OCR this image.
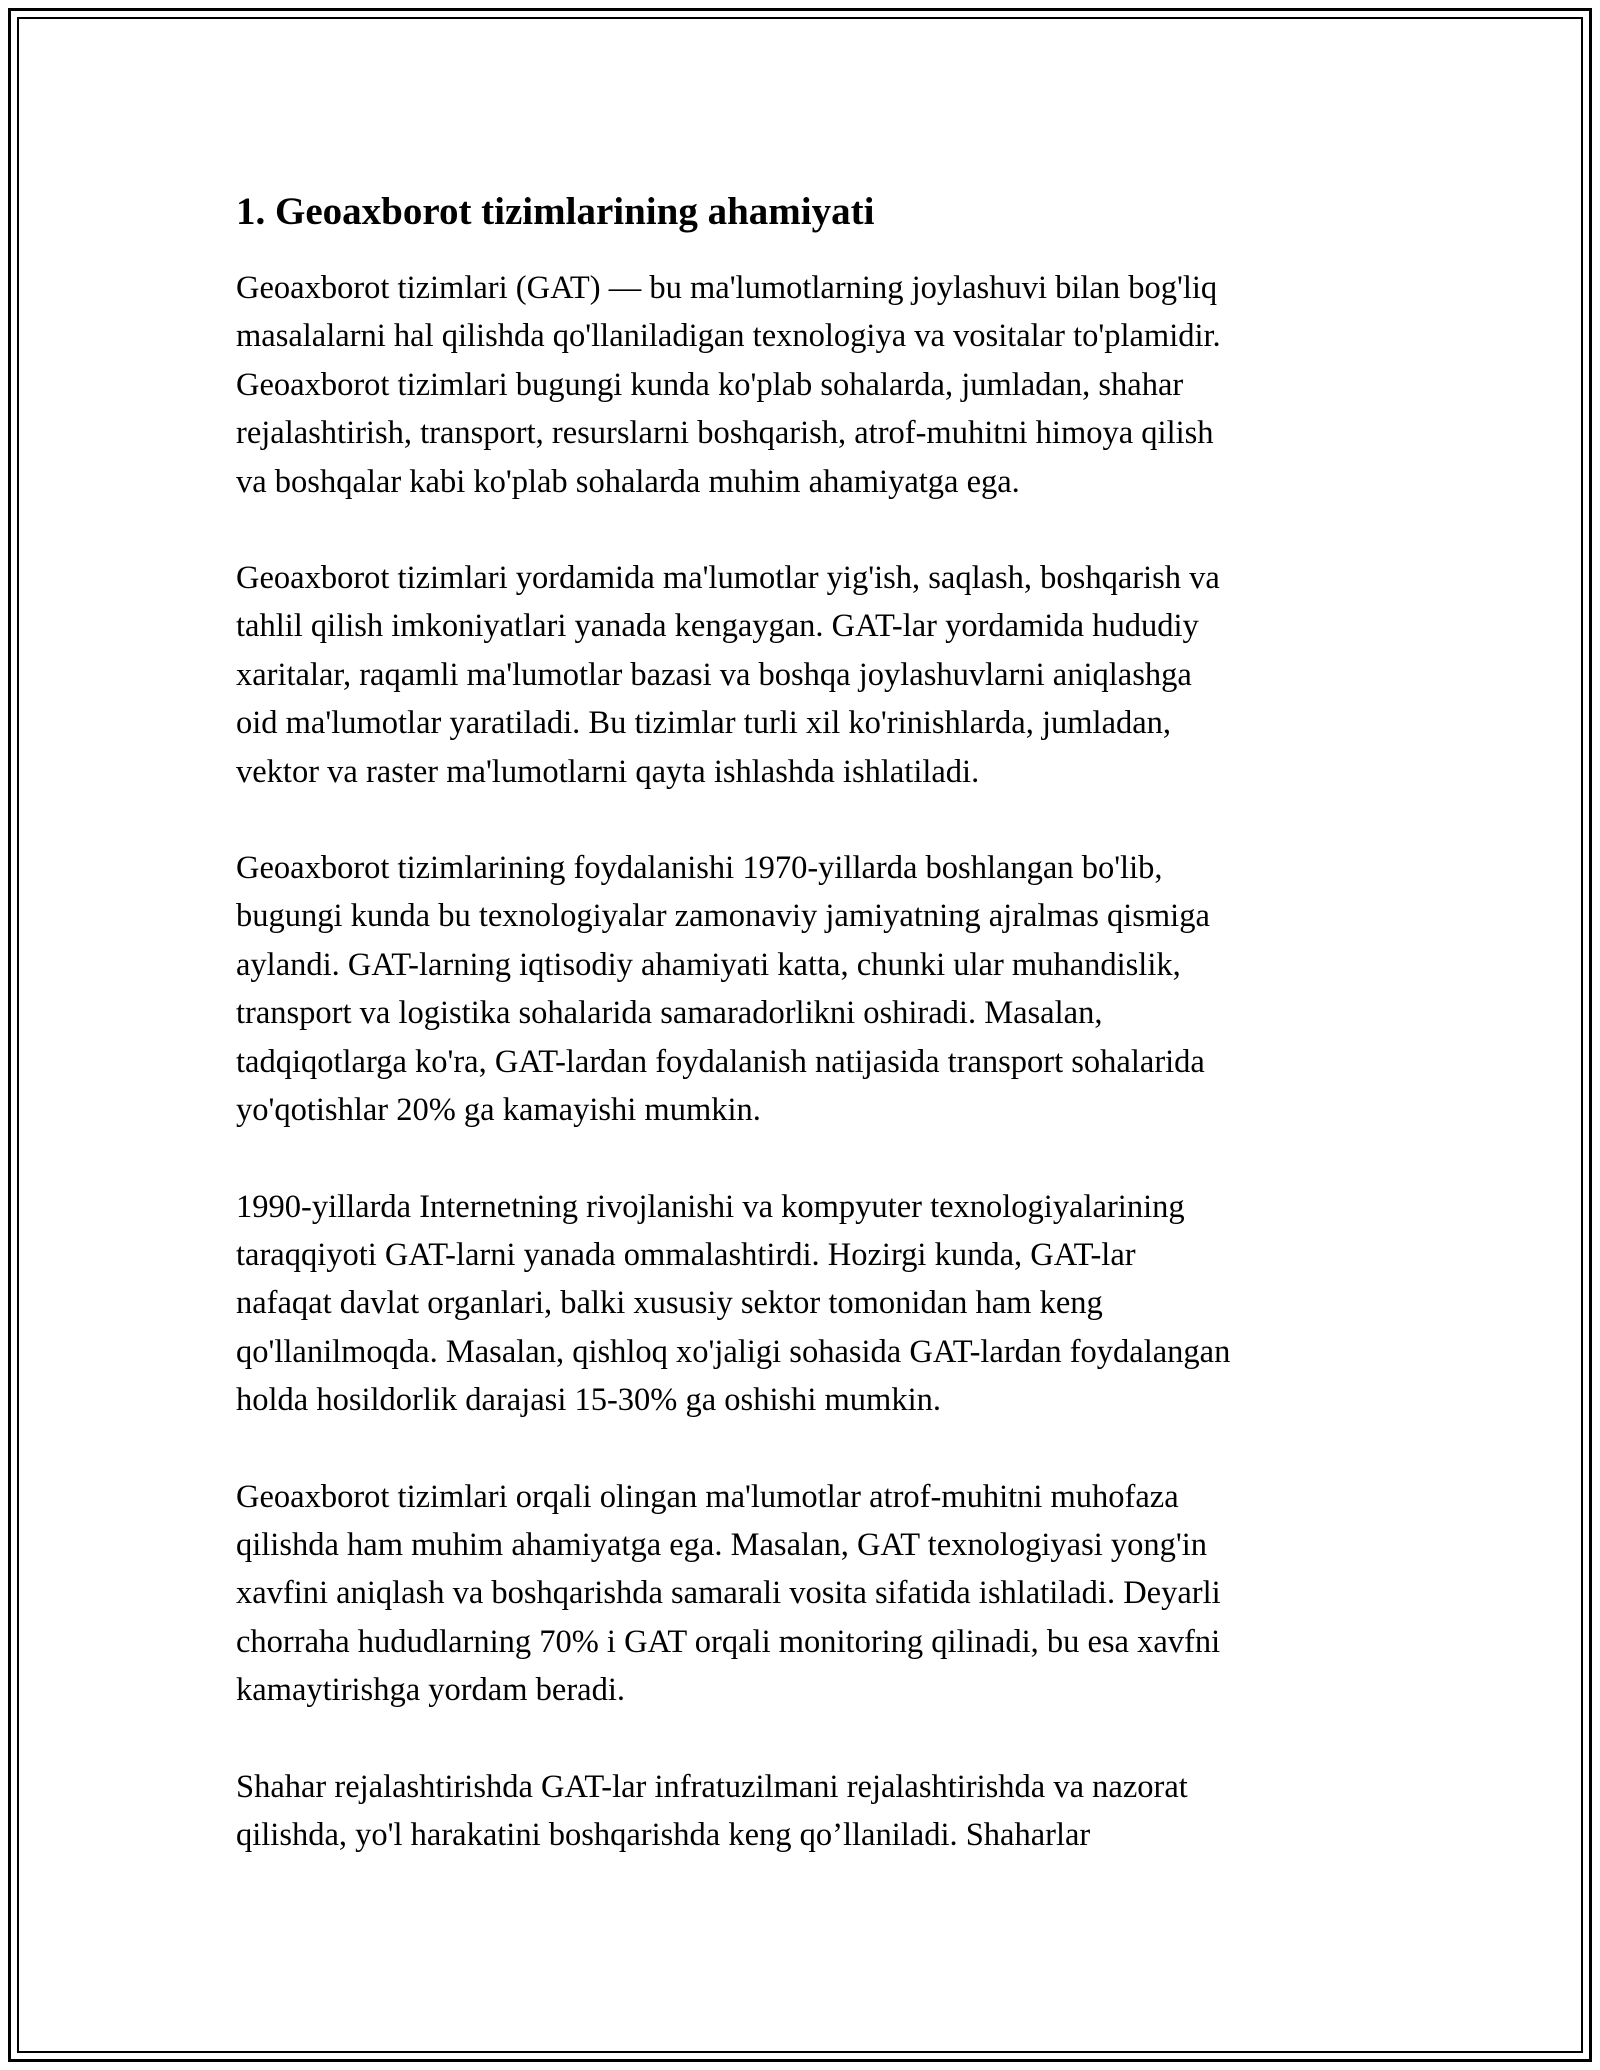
1. Geoaxborot tizimlarining ahamiyati

Geoaxborot tizimlari (GAT) — bu ma'lumotlarning joylashuvi bilan bog'liq
masalalarni hal qilishda qo'llaniladigan texnologiya va vositalar to'plamidir.
Geoaxborot tizimlari bugungi kunda ko'plab sohalarda, jumladan, shahar
rejalashtirish, transport, resurslarni boshqarish, atrof-muhitni himoya qilish
va boshqalar kabi ko'plab sohalarda muhim ahamiyatga ega.

Geoaxborot tizimlari yordamida ma'lumotlar yig'ish, saqlash, boshqarish va
tahlil qilish imkoniyatlari yanada kengaygan. GAT-lar yordamida hududiy
xaritalar, raqamli ma'lumotlar bazasi va boshqa joylashuvlarni aniqlashga
oid ma'lumotlar yaratiladi. Bu tizimlar turli xil ko'rinishlarda, jumladan,
vektor va raster ma'lumotlarni qayta ishlashda ishlatiladi.

Geoaxborot tizimlarining foydalanishi 1970-yillarda boshlangan bo'lib,
bugungi kunda bu texnologiyalar zamonaviy jamiyatning ajralmas qismiga
aylandi. GAT-larning iqtisodiy ahamiyati katta, chunki ular muhandislik,
transport va logistika sohalarida samaradorlikni oshiradi. Masalan,
tadqiqotlarga ko'ra, GAT-lardan foydalanish natijasida transport sohalarida
yo'qotishlar 20% ga kamayishi mumkin.

1990-yillarda Internetning rivojlanishi va kompyuter texnologiyalarining
taraqqiyoti GAT-larni yanada ommalashtirdi. Hozirgi kunda, GAT-lar
nafaqat davlat organlari, balki xususiy sektor tomonidan ham keng
qo'llanilmoqda. Masalan, qishloq xo'jaligi sohasida GAT-lardan foydalangan
holda hosildorlik darajasi 15-30% ga oshishi mumkin.

Geoaxborot tizimlari orqali olingan ma'lumotlar atrof-muhitni muhofaza
qilishda ham muhim ahamiyatga ega. Masalan, GAT texnologiyasi yong'in
xavfini aniqlash va boshqarishda samarali vosita sifatida ishlatiladi. Deyarli
chorraha hududlarning 70% i GAT orqali monitoring qilinadi, bu esa xavfni
kamaytirishga yordam beradi.

Shahar rejalashtirishda GAT-lar infratuzilmani rejalashtirishda va nazorat
qilishda, yo'l harakatini boshqarishda keng qo’llaniladi. Shaharlar
